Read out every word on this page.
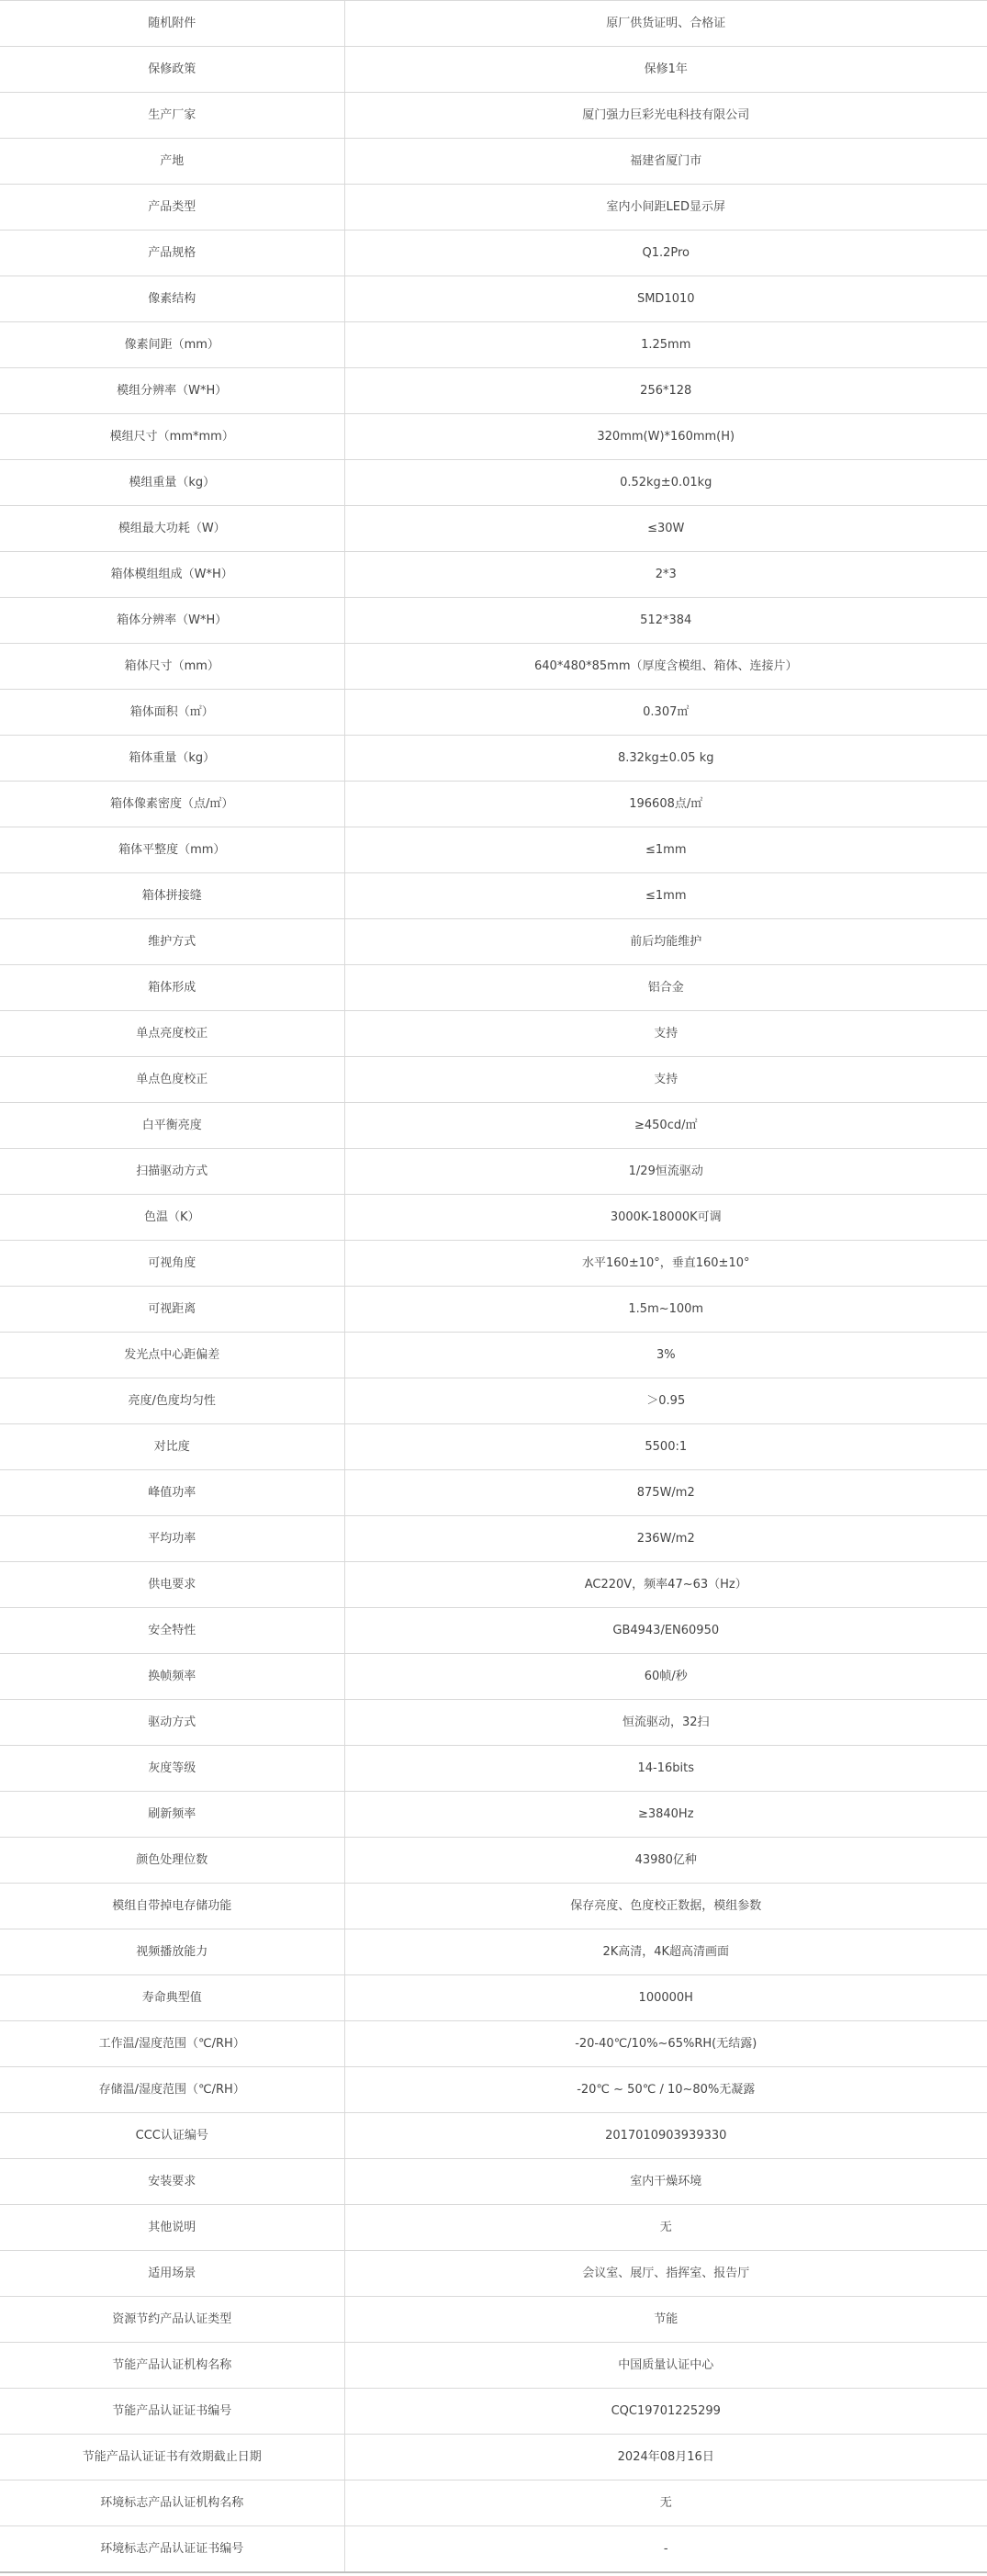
随机附件	原厂供货证明、合格证
保修政策	保修1年
生产厂家	厦门强力巨彩光电科技有限公司
产地	福建省厦门市
产品类型	室内小间距LED显示屏
产品规格	Q1.2Pro
像素结构	SMD1010
像素间距（mm）	1.25mm
模组分辨率（W*H）	256*128
模组尺寸（mm*mm）	320mm(W)*160mm(H)
模组重量（kg）	0.52kg±0.01kg
模组最大功耗（W）	≤30W
箱体模组组成（W*H）	2*3
箱体分辨率（W*H）	512*384
箱体尺寸（mm）	640*480*85mm（厚度含模组、箱体、连接片）
箱体面积（㎡）	0.307㎡
箱体重量（kg）	8.32kg±0.05 kg
箱体像素密度（点/㎡）	196608点/㎡
箱体平整度（mm）	≤1mm
箱体拼接缝	≤1mm
维护方式	前后均能维护
箱体形成	铝合金
单点亮度校正	支持
单点色度校正	支持
白平衡亮度	≥450cd/㎡
扫描驱动方式	1/29恒流驱动
色温（K）	3000K-18000K可调
可视角度	水平160±10°，垂直160±10°
可视距离	1.5m~100m
发光点中心距偏差	3%
亮度/色度均匀性	＞0.95
对比度	5500:1
峰值功率	875W/m2
平均功率	236W/m2
供电要求	AC220V，频率47~63（Hz）
安全特性	GB4943/EN60950
换帧频率	60帧/秒
驱动方式	恒流驱动，32扫
灰度等级	14-16bits
刷新频率	≥3840Hz
颜色处理位数	43980亿种
模组自带掉电存储功能	保存亮度、色度校正数据，模组参数
视频播放能力	2K高清，4K超高清画面
寿命典型值	100000H
工作温/湿度范围（℃/RH）	-20-40℃/10%~65%RH(无结露)
存储温/湿度范围（℃/RH）	-20℃ ~ 50℃ / 10~80%无凝露
CCC认证编号	2017010903939330
安装要求	室内干燥环境
其他说明	无
适用场景	会议室、展厅、指挥室、报告厅
资源节约产品认证类型	节能
节能产品认证机构名称	中国质量认证中心
节能产品认证证书编号	CQC19701225299
节能产品认证证书有效期截止日期	2024年08月16日
环境标志产品认证机构名称	无
环境标志产品认证证书编号	-
